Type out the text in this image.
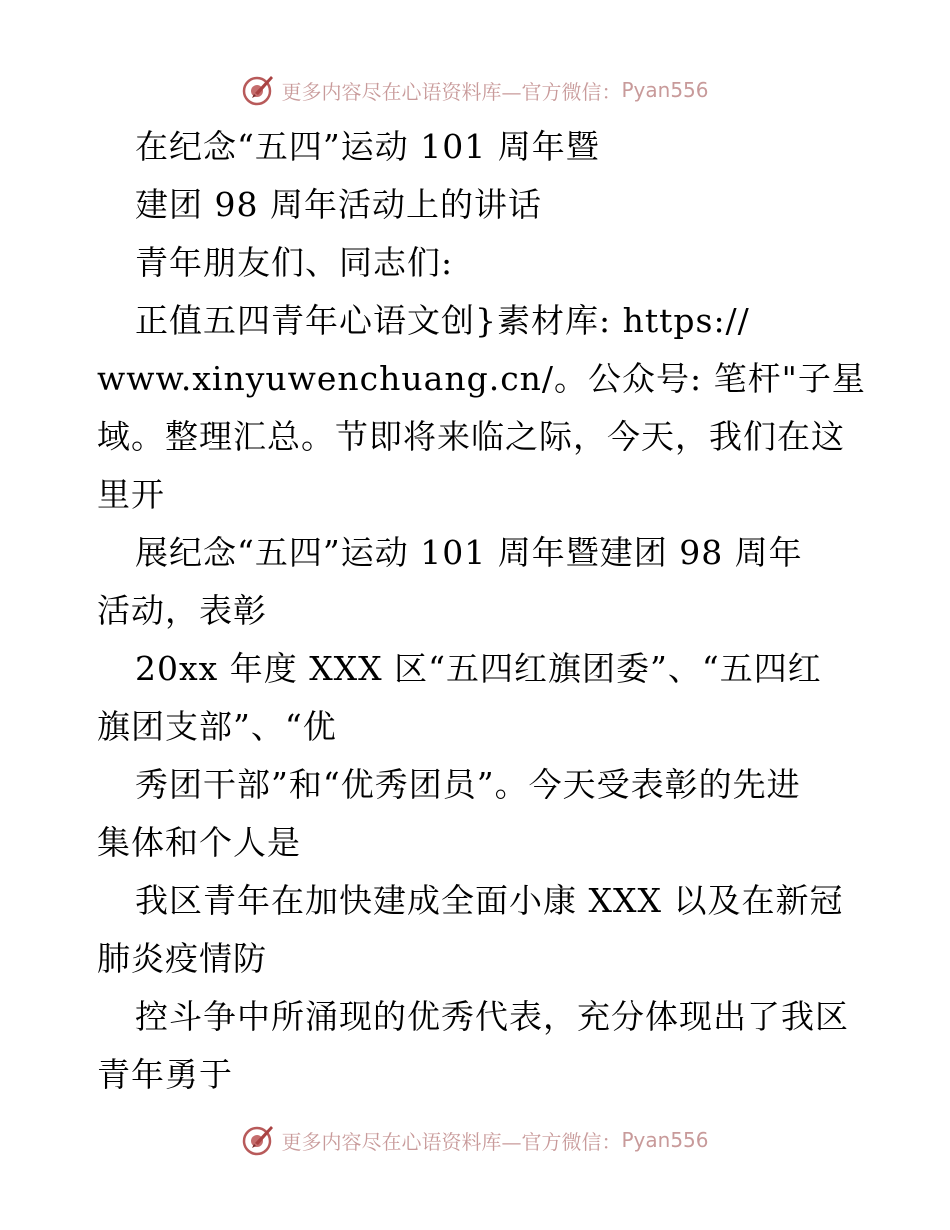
更多内容尽在心语资料库—官方微信： Pyan556
在纪念“五四”运动 101 周年暨
建团 98 周年活动上的讲话
青年朋友们、同志们:
正值五四青年心语文创}素材库: https://
www.xinyuwenchuang.cn/。公众号: 笔杆"子星
域。整理汇总。节即将来临之际，今天，我们在这
里开
展纪念“五四”运动 101 周年暨建团 98 周年
活动，表彰
20xx 年度 XXX 区“五四红旗团委”、“五四红
旗团支部”、“优
秀团干部”和“优秀团员”。今天受表彰的先进
集体和个人是
我区青年在加快建成全面小康 XXX 以及在新冠
肺炎疫情防
控斗争中所涌现的优秀代表，充分体现出了我区
青年勇于
更多内容尽在心语资料库—官方微信： Pyan556
